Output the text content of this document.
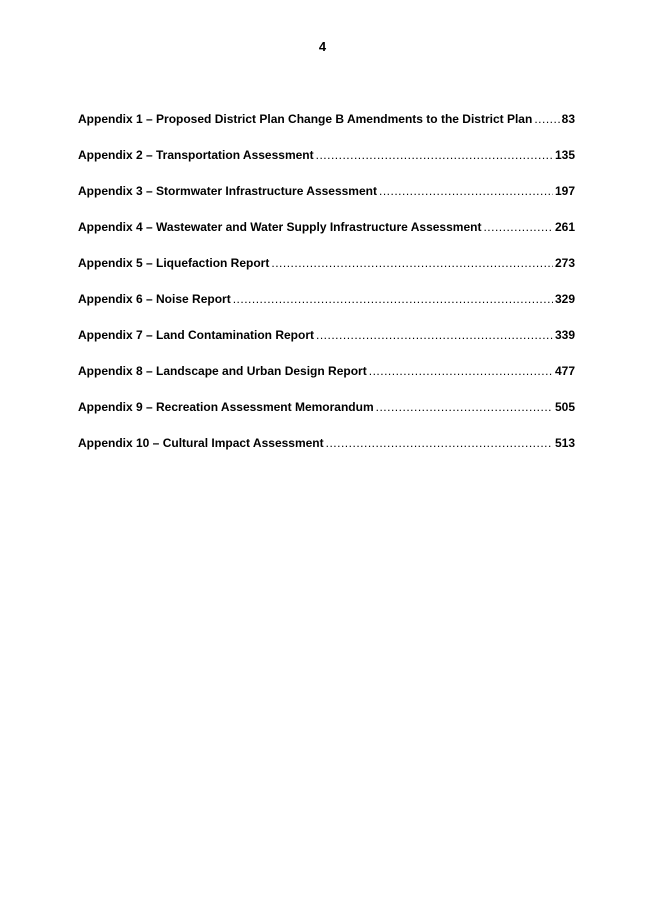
4
Appendix 1 – Proposed District Plan Change B Amendments to the District Plan ..... 83
Appendix 2 – Transportation Assessment .....	135
Appendix 3 – Stormwater Infrastructure Assessment .....	197
Appendix 4 – Wastewater and Water Supply Infrastructure Assessment .....	261
Appendix 5 – Liquefaction Report .....	273
Appendix 6 – Noise Report .....	329
Appendix 7 – Land Contamination Report .....	339
Appendix 8 – Landscape and Urban Design Report .....	477
Appendix 9 – Recreation Assessment Memorandum .....	505
Appendix 10 – Cultural Impact Assessment .....	513
